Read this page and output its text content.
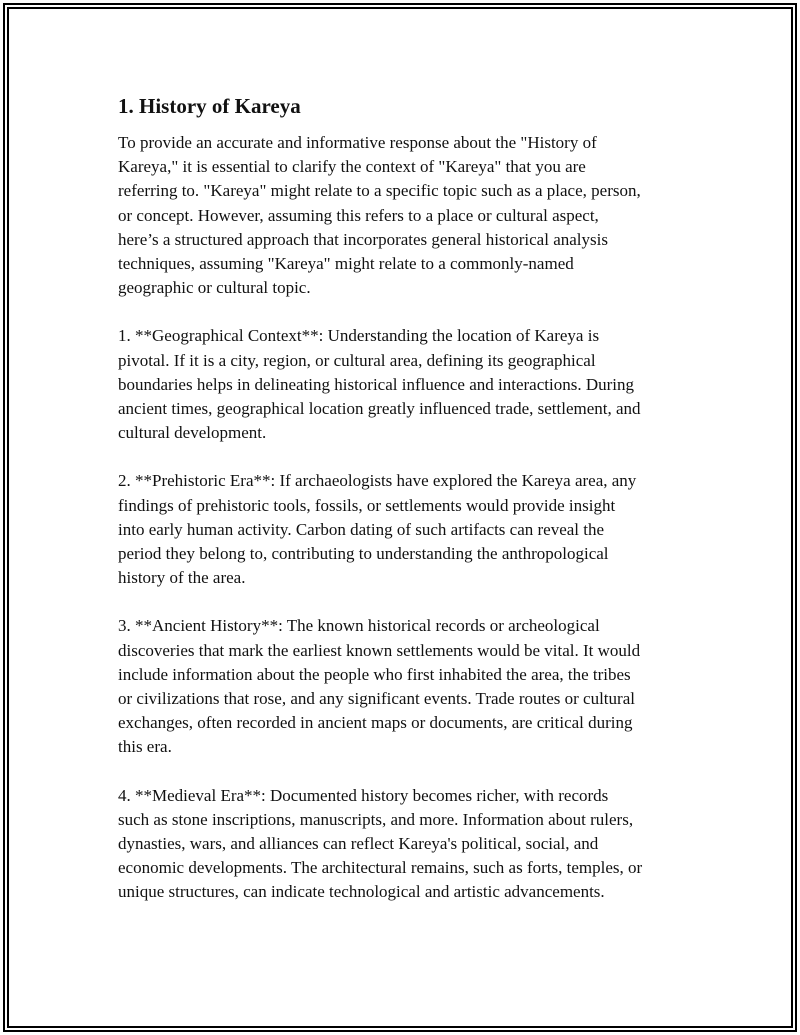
1. History of Kareya

To provide an accurate and informative response about the "History of
Kareya," it is essential to clarify the context of "Kareya" that you are
referring to. "Kareya" might relate to a specific topic such as a place, person,
or concept. However, assuming this refers to a place or cultural aspect,
here’s a structured approach that incorporates general historical analysis
techniques, assuming "Kareya" might relate to a commonly-named
geographic or cultural topic.

1. **Geographical Context**: Understanding the location of Kareya is
pivotal. If it is a city, region, or cultural area, defining its geographical
boundaries helps in delineating historical influence and interactions. During
ancient times, geographical location greatly influenced trade, settlement, and
cultural development.

2. **Prehistoric Era**: If archaeologists have explored the Kareya area, any
findings of prehistoric tools, fossils, or settlements would provide insight
into early human activity. Carbon dating of such artifacts can reveal the
period they belong to, contributing to understanding the anthropological
history of the area.

3. **Ancient History**: The known historical records or archeological
discoveries that mark the earliest known settlements would be vital. It would
include information about the people who first inhabited the area, the tribes
or civilizations that rose, and any significant events. Trade routes or cultural
exchanges, often recorded in ancient maps or documents, are critical during
this era.

4. **Medieval Era**: Documented history becomes richer, with records
such as stone inscriptions, manuscripts, and more. Information about rulers,
dynasties, wars, and alliances can reflect Kareya's political, social, and
economic developments. The architectural remains, such as forts, temples, or
unique structures, can indicate technological and artistic advancements.
